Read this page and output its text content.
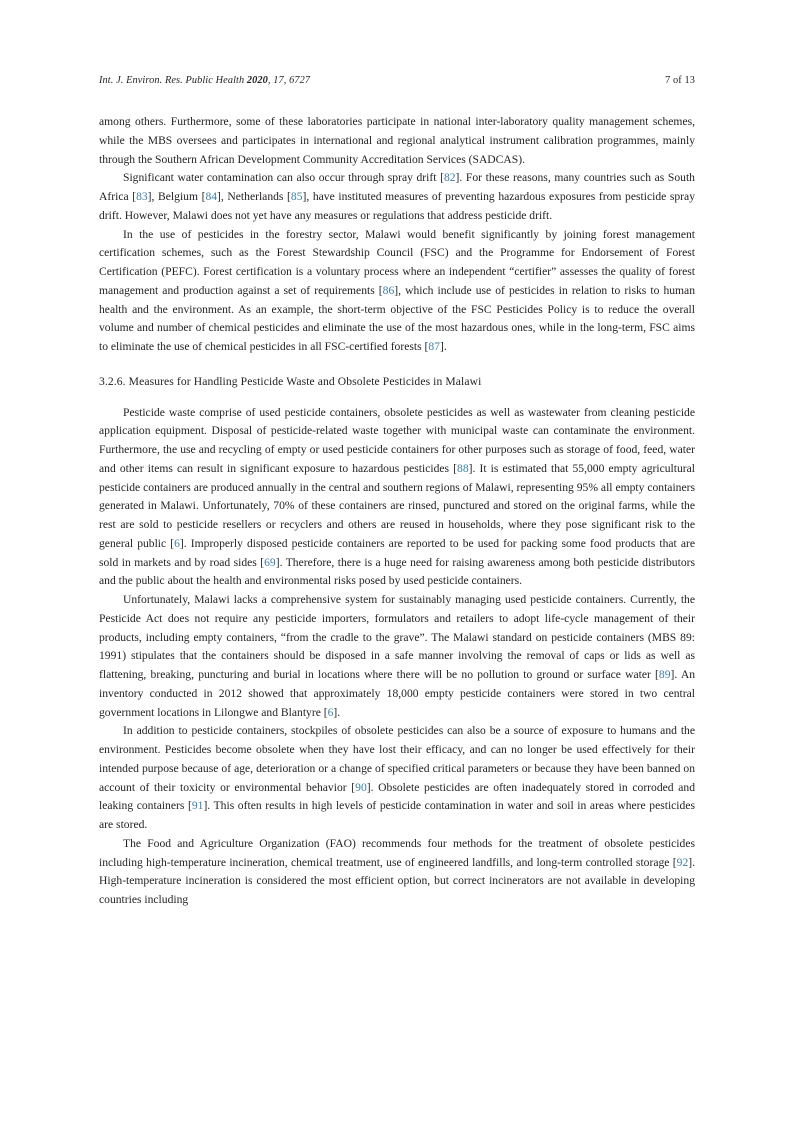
Int. J. Environ. Res. Public Health 2020, 17, 6727	7 of 13

among others. Furthermore, some of these laboratories participate in national inter-laboratory quality management schemes, while the MBS oversees and participates in international and regional analytical instrument calibration programmes, mainly through the Southern African Development Community Accreditation Services (SADCAS).

Significant water contamination can also occur through spray drift [82]. For these reasons, many countries such as South Africa [83], Belgium [84], Netherlands [85], have instituted measures of preventing hazardous exposures from pesticide spray drift. However, Malawi does not yet have any measures or regulations that address pesticide drift.

In the use of pesticides in the forestry sector, Malawi would benefit significantly by joining forest management certification schemes, such as the Forest Stewardship Council (FSC) and the Programme for Endorsement of Forest Certification (PEFC). Forest certification is a voluntary process where an independent “certifier” assesses the quality of forest management and production against a set of requirements [86], which include use of pesticides in relation to risks to human health and the environment. As an example, the short-term objective of the FSC Pesticides Policy is to reduce the overall volume and number of chemical pesticides and eliminate the use of the most hazardous ones, while in the long-term, FSC aims to eliminate the use of chemical pesticides in all FSC-certified forests [87].

3.2.6. Measures for Handling Pesticide Waste and Obsolete Pesticides in Malawi

Pesticide waste comprise of used pesticide containers, obsolete pesticides as well as wastewater from cleaning pesticide application equipment. Disposal of pesticide-related waste together with municipal waste can contaminate the environment. Furthermore, the use and recycling of empty or used pesticide containers for other purposes such as storage of food, feed, water and other items can result in significant exposure to hazardous pesticides [88]. It is estimated that 55,000 empty agricultural pesticide containers are produced annually in the central and southern regions of Malawi, representing 95% all empty containers generated in Malawi. Unfortunately, 70% of these containers are rinsed, punctured and stored on the original farms, while the rest are sold to pesticide resellers or recyclers and others are reused in households, where they pose significant risk to the general public [6]. Improperly disposed pesticide containers are reported to be used for packing some food products that are sold in markets and by road sides [69]. Therefore, there is a huge need for raising awareness among both pesticide distributors and the public about the health and environmental risks posed by used pesticide containers.

Unfortunately, Malawi lacks a comprehensive system for sustainably managing used pesticide containers. Currently, the Pesticide Act does not require any pesticide importers, formulators and retailers to adopt life-cycle management of their products, including empty containers, “from the cradle to the grave”. The Malawi standard on pesticide containers (MBS 89: 1991) stipulates that the containers should be disposed in a safe manner involving the removal of caps or lids as well as flattening, breaking, puncturing and burial in locations where there will be no pollution to ground or surface water [89]. An inventory conducted in 2012 showed that approximately 18,000 empty pesticide containers were stored in two central government locations in Lilongwe and Blantyre [6].

In addition to pesticide containers, stockpiles of obsolete pesticides can also be a source of exposure to humans and the environment. Pesticides become obsolete when they have lost their efficacy, and can no longer be used effectively for their intended purpose because of age, deterioration or a change of specified critical parameters or because they have been banned on account of their toxicity or environmental behavior [90]. Obsolete pesticides are often inadequately stored in corroded and leaking containers [91]. This often results in high levels of pesticide contamination in water and soil in areas where pesticides are stored.

The Food and Agriculture Organization (FAO) recommends four methods for the treatment of obsolete pesticides including high-temperature incineration, chemical treatment, use of engineered landfills, and long-term controlled storage [92]. High-temperature incineration is considered the most efficient option, but correct incinerators are not available in developing countries including
